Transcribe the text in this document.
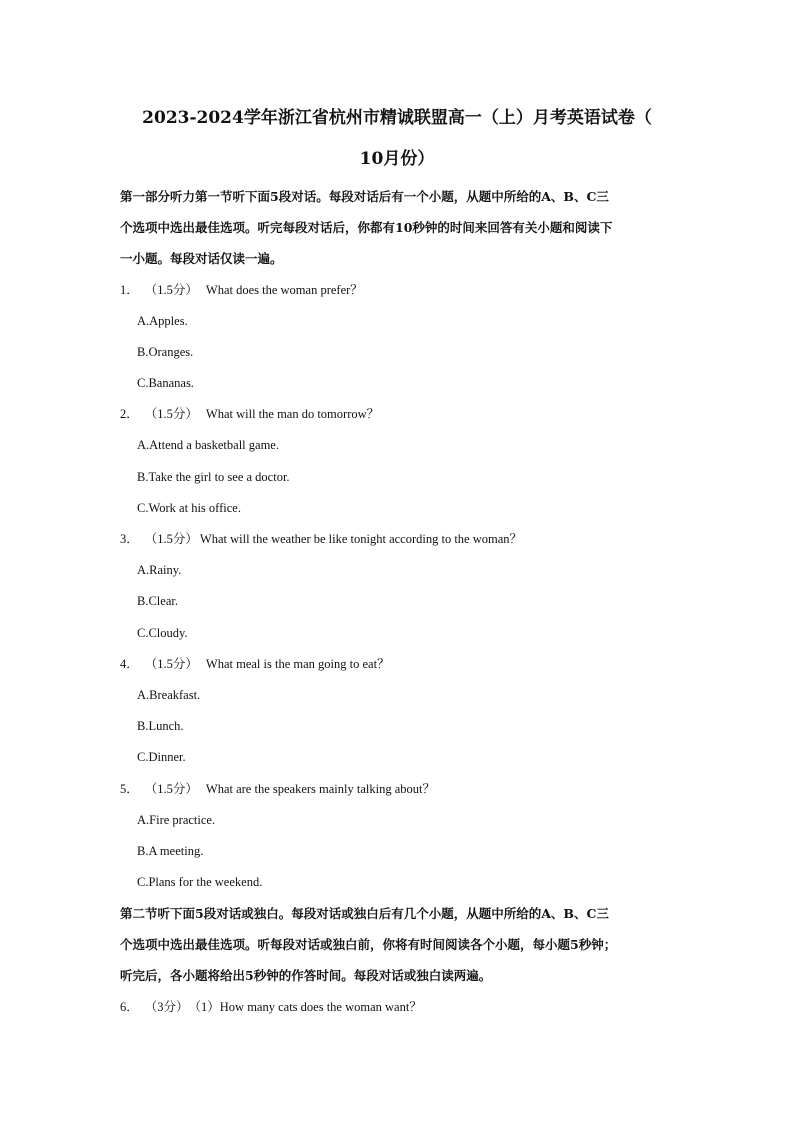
2023-2024学年浙江省杭州市精诚联盟高一（上）月考英语试卷（
10月份）
第一部分听力第一节听下面5段对话。每段对话后有一个小题，从题中所给的A、B、C三
个选项中选出最佳选项。听完每段对话后，你都有10秒钟的时间来回答有关小题和阅读下
一小题。每段对话仅读一遍。
1． （1.5分） What does the woman prefer？
A.Apples.
B.Oranges.
C.Bananas.
2． （1.5分） What will the man do tomorrow？
A.Attend a basketball game.
B.Take the girl to see a doctor.
C.Work at his office.
3． （1.5分） What will the weather be like tonight according to the woman？
A.Rainy.
B.Clear.
C.Cloudy.
4． （1.5分） What meal is the man going to eat？
A.Breakfast.
B.Lunch.
C.Dinner.
5． （1.5分） What are the speakers mainly talking about？
A.Fire practice.
B.A meeting.
C.Plans for the weekend.
第二节听下面5段对话或独白。每段对话或独白后有几个小题，从题中所给的A、B、C三
个选项中选出最佳选项。听每段对话或独白前，你将有时间阅读各个小题，每小题5秒钟；
听完后，各小题将给出5秒钟的作答时间。每段对话或独白读两遍。
6． （3分）（1）How many cats does the woman want？
